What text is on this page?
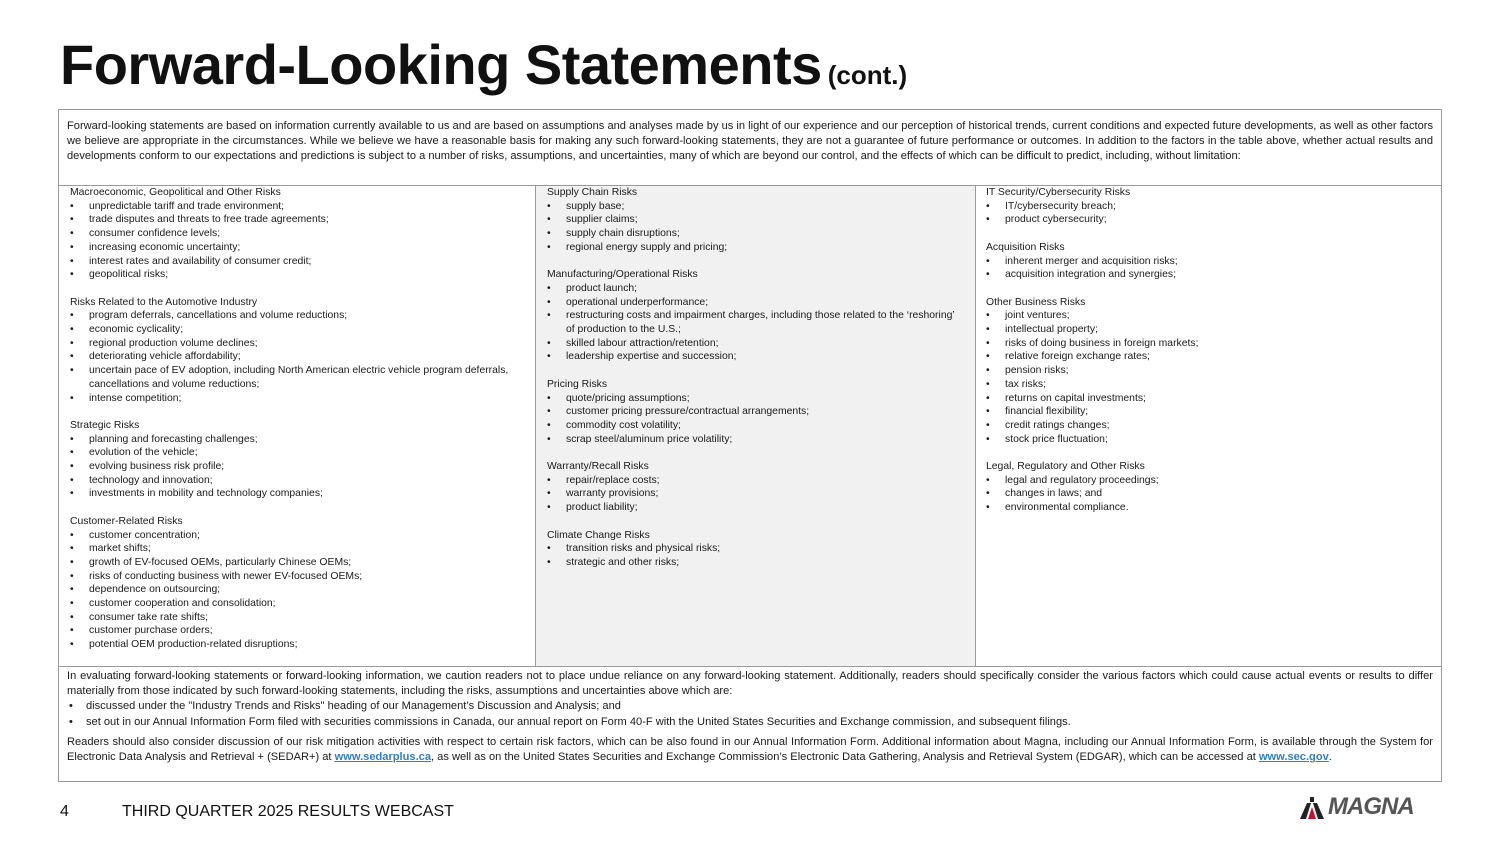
Forward-Looking Statements (cont.)
Forward-looking statements are based on information currently available to us and are based on assumptions and analyses made by us in light of our experience and our perception of historical trends, current conditions and expected future developments, as well as other factors we believe are appropriate in the circumstances. While we believe we have a reasonable basis for making any such forward-looking statements, they are not a guarantee of future performance or outcomes. In addition to the factors in the table above, whether actual results and developments conform to our expectations and predictions is subject to a number of risks, assumptions, and uncertainties, many of which are beyond our control, and the effects of which can be difficult to predict, including, without limitation:
Macroeconomic, Geopolitical and Other Risks
• unpredictable tariff and trade environment;
• trade disputes and threats to free trade agreements;
• consumer confidence levels;
• increasing economic uncertainty;
• interest rates and availability of consumer credit;
• geopolitical risks;
Risks Related to the Automotive Industry
• program deferrals, cancellations and volume reductions;
• economic cyclicality;
• regional production volume declines;
• deteriorating vehicle affordability;
• uncertain pace of EV adoption, including North American electric vehicle program deferrals, cancellations and volume reductions;
• intense competition;
Strategic Risks
• planning and forecasting challenges;
• evolution of the vehicle;
• evolving business risk profile;
• technology and innovation;
• investments in mobility and technology companies;
Customer-Related Risks
• customer concentration;
• market shifts;
• growth of EV-focused OEMs, particularly Chinese OEMs;
• risks of conducting business with newer EV-focused OEMs;
• dependence on outsourcing;
• customer cooperation and consolidation;
• consumer take rate shifts;
• customer purchase orders;
• potential OEM production-related disruptions;
Supply Chain Risks
• supply base;
• supplier claims;
• supply chain disruptions;
• regional energy supply and pricing;
Manufacturing/Operational Risks
• product launch;
• operational underperformance;
• restructuring costs and impairment charges, including those related to the ‘reshoring’ of production to the U.S.;
• skilled labour attraction/retention;
• leadership expertise and succession;
Pricing Risks
• quote/pricing assumptions;
• customer pricing pressure/contractual arrangements;
• commodity cost volatility;
• scrap steel/aluminum price volatility;
Warranty/Recall Risks
• repair/replace costs;
• warranty provisions;
• product liability;
Climate Change Risks
• transition risks and physical risks;
• strategic and other risks;
IT Security/Cybersecurity Risks
• IT/cybersecurity breach;
• product cybersecurity;
Acquisition Risks
• inherent merger and acquisition risks;
• acquisition integration and synergies;
Other Business Risks
• joint ventures;
• intellectual property;
• risks of doing business in foreign markets;
• relative foreign exchange rates;
• pension risks;
• tax risks;
• returns on capital investments;
• financial flexibility;
• credit ratings changes;
• stock price fluctuation;
Legal, Regulatory and Other Risks
• legal and regulatory proceedings;
• changes in laws; and
• environmental compliance.

In evaluating forward-looking statements or forward-looking information, we caution readers not to place undue reliance on any forward-looking statement. Additionally, readers should specifically consider the various factors which could cause actual events or results to differ materially from those indicated by such forward-looking statements, including the risks, assumptions and uncertainties above which are:

• discussed under the "Industry Trends and Risks" heading of our Management’s Discussion and Analysis; and
• set out in our Annual Information Form filed with securities commissions in Canada, our annual report on Form 40-F with the United States Securities and Exchange commission, and subsequent filings.

Readers should also consider discussion of our risk mitigation activities with respect to certain risk factors, which can be also found in our Annual Information Form. Additional information about Magna, including our Annual Information Form, is available through the System for Electronic Data Analysis and Retrieval + (SEDAR+) at www.sedarplus.ca, as well as on the United States Securities and Exchange Commission’s Electronic Data Gathering, Analysis and Retrieval System (EDGAR), which can be accessed at www.sec.gov.

4	THIRD QUARTER 2025 RESULTS WEBCAST	MAGNA
